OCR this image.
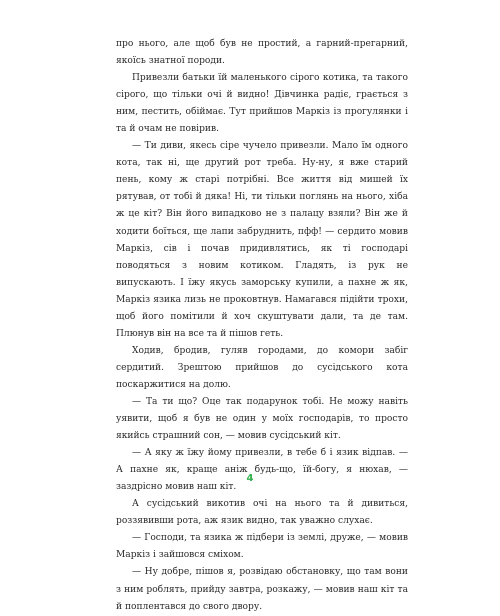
про нього, але щоб був не простий, а гарний-прегарний, якоїсь знатної породи.

Привезли батьки їй маленького сірого котика, та такого сірого, що тільки очі й видно! Дівчинка радіє, грається з ним, пестить, обіймає. Тут прийшов Маркіз із прогулянки і та й очам не повірив.

— Ти диви, якесь сіре чучело привезли. Мало їм одного кота, так ні, ще другий рот треба. Ну-ну, я вже старий пень, кому ж старі потрібні. Все життя від мишей їх рятував, от тобі й дяка! Ні, ти тільки поглянь на нього, хіба ж це кіт? Він його випадково не з палацу взяли? Він же й ходити боїться, ще лапи забруднить, пфф! — сердито мовив Маркіз, сів і почав придивлятись, як ті господарі поводяться з новим котиком. Гладять, із рук не випускають. І їжу якусь заморську купили, а пахне ж як, Маркіз язика лизь не проковтнув. Намагався підійти трохи, щоб його помітили й хоч скуштувати дали, та де там. Плюнув він на все та й пішов геть.

Ходив, бродив, гуляв городами, до комори забіг сердитий. Зрештою прийшов до сусідського кота поскаржитися на долю.

— Та ти що? Оце так подарунок тобі. Не можу навіть уявити, щоб я був не один у моїх господарів, то просто якийсь страшний сон, — мовив сусідський кіт.

— А яку ж їжу йому привезли, в тебе б і язик відпав. — А пахне як, краще аніж будь-що, їй-богу, я нюхав, — заздрісно мовив наш кіт.

А сусідський викотив очі на нього та й дивиться, роззявивши рота, аж язик видно, так уважно слухає.

— Господи, та язика ж підбери із землі, друже, — мовив Маркіз і зайшовся сміхом.

— Ну добре, пішов я, розвідаю обстановку, що там вони з ним роблять, прийду завтра, розкажу, — мовив наш кіт та й поплентався до свого двору.

4
